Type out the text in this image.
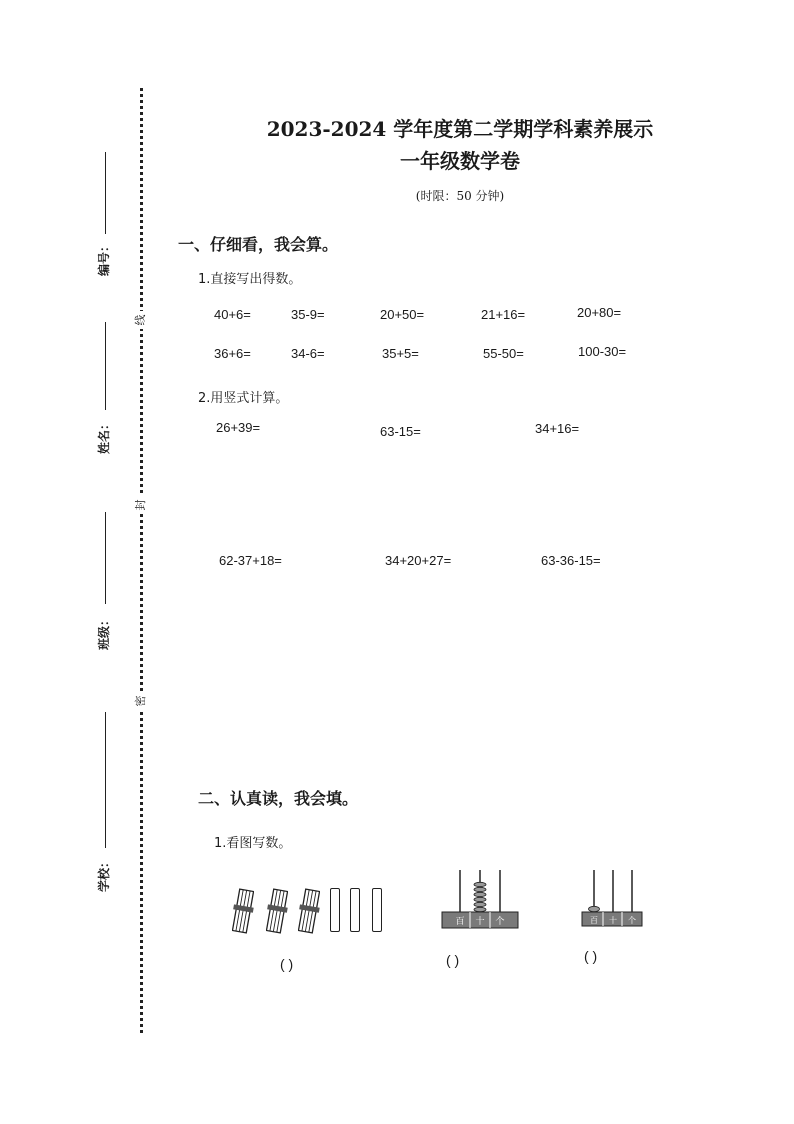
线
封
密
编号：
姓名：
班级：
学校：
2023-2024 学年度第二学期学科素养展示
一年级数学卷
(时限：50 分钟)
一、仔细看，我会算。
1.直接写出得数。
40+6=	35-9=	20+50=	21+16=	20+80=
36+6=	34-6=	35+5=	55-50=	100-30=
2.用竖式计算。
26+39=	63-15=	34+16=
62-37+18=	34+20+27=	63-36-15=
二、认真读，我会填。
1.看图写数。
( )
百 十 个
( )
百 十 个
( )
